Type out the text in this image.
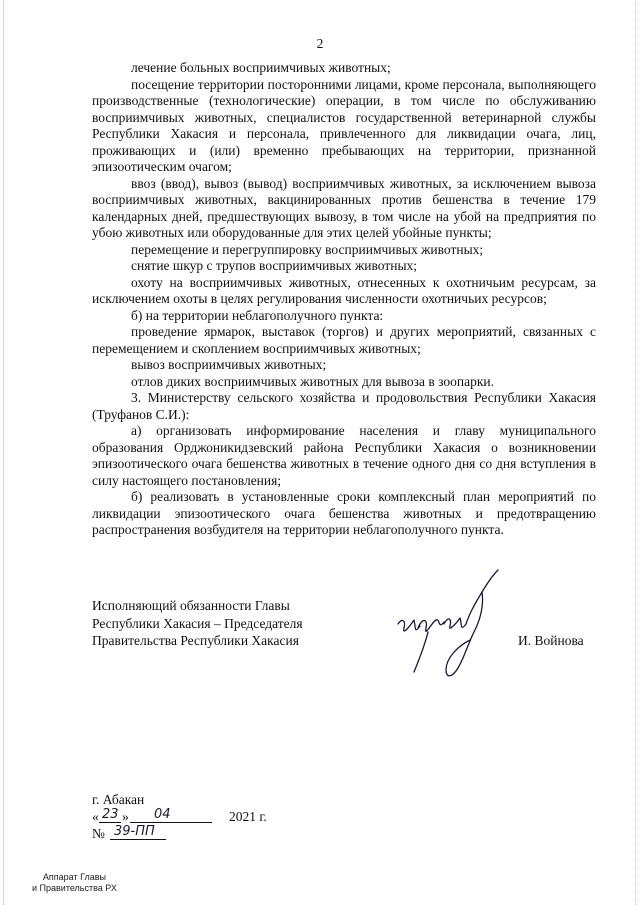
2

лечение больных восприимчивых животных;

посещение территории посторонними лицами, кроме персонала, выполняющего производственные (технологические) операции, в том числе по обслуживанию восприимчивых животных, специалистов государственной ветеринарной службы Республики Хакасия и персонала, привлеченного для ликвидации очага, лиц, проживающих и (или) временно пребывающих на территории, признанной эпизоотическим очагом;

ввоз (ввод), вывоз (вывод) восприимчивых животных, за исключением вывоза восприимчивых животных, вакцинированных против бешенства в течение 179 календарных дней, предшествующих вывозу, в том числе на убой на предприятия по убою животных или оборудованные для этих целей убойные пункты;

перемещение и перегруппировку восприимчивых животных;

снятие шкур с трупов восприимчивых животных;

охоту на восприимчивых животных, отнесенных к охотничьим ресурсам, за исключением охоты в целях регулирования численности охотничьих ресурсов;

б) на территории неблагополучного пункта:

проведение ярмарок, выставок (торгов) и других мероприятий, связанных с перемещением и скоплением восприимчивых животных;

вывоз восприимчивых животных;

отлов диких восприимчивых животных для вывоза в зоопарки.

3. Министерству сельского хозяйства и продовольствия Республики Хакасия (Труфанов С.И.):

а) организовать информирование населения и главу муниципального образования Орджоникидзевский района Республики Хакасия о возникновении эпизоотического очага бешенства животных в течение одного дня со дня вступления в силу настоящего постановления;

б) реализовать в установленные сроки комплексный план мероприятий по ликвидации эпизоотического очага бешенства животных и предотвращению распространения возбудителя на территории неблагополучного пункта.

Исполняющий обязанности Главы
Республики Хакасия – Председателя
Правительства Республики Хакасия	И. Войнова
г. Абакан
« 23 » 04	2021 г.
№ 39-ПП
Аппарат Главы
и Правительства РХ
